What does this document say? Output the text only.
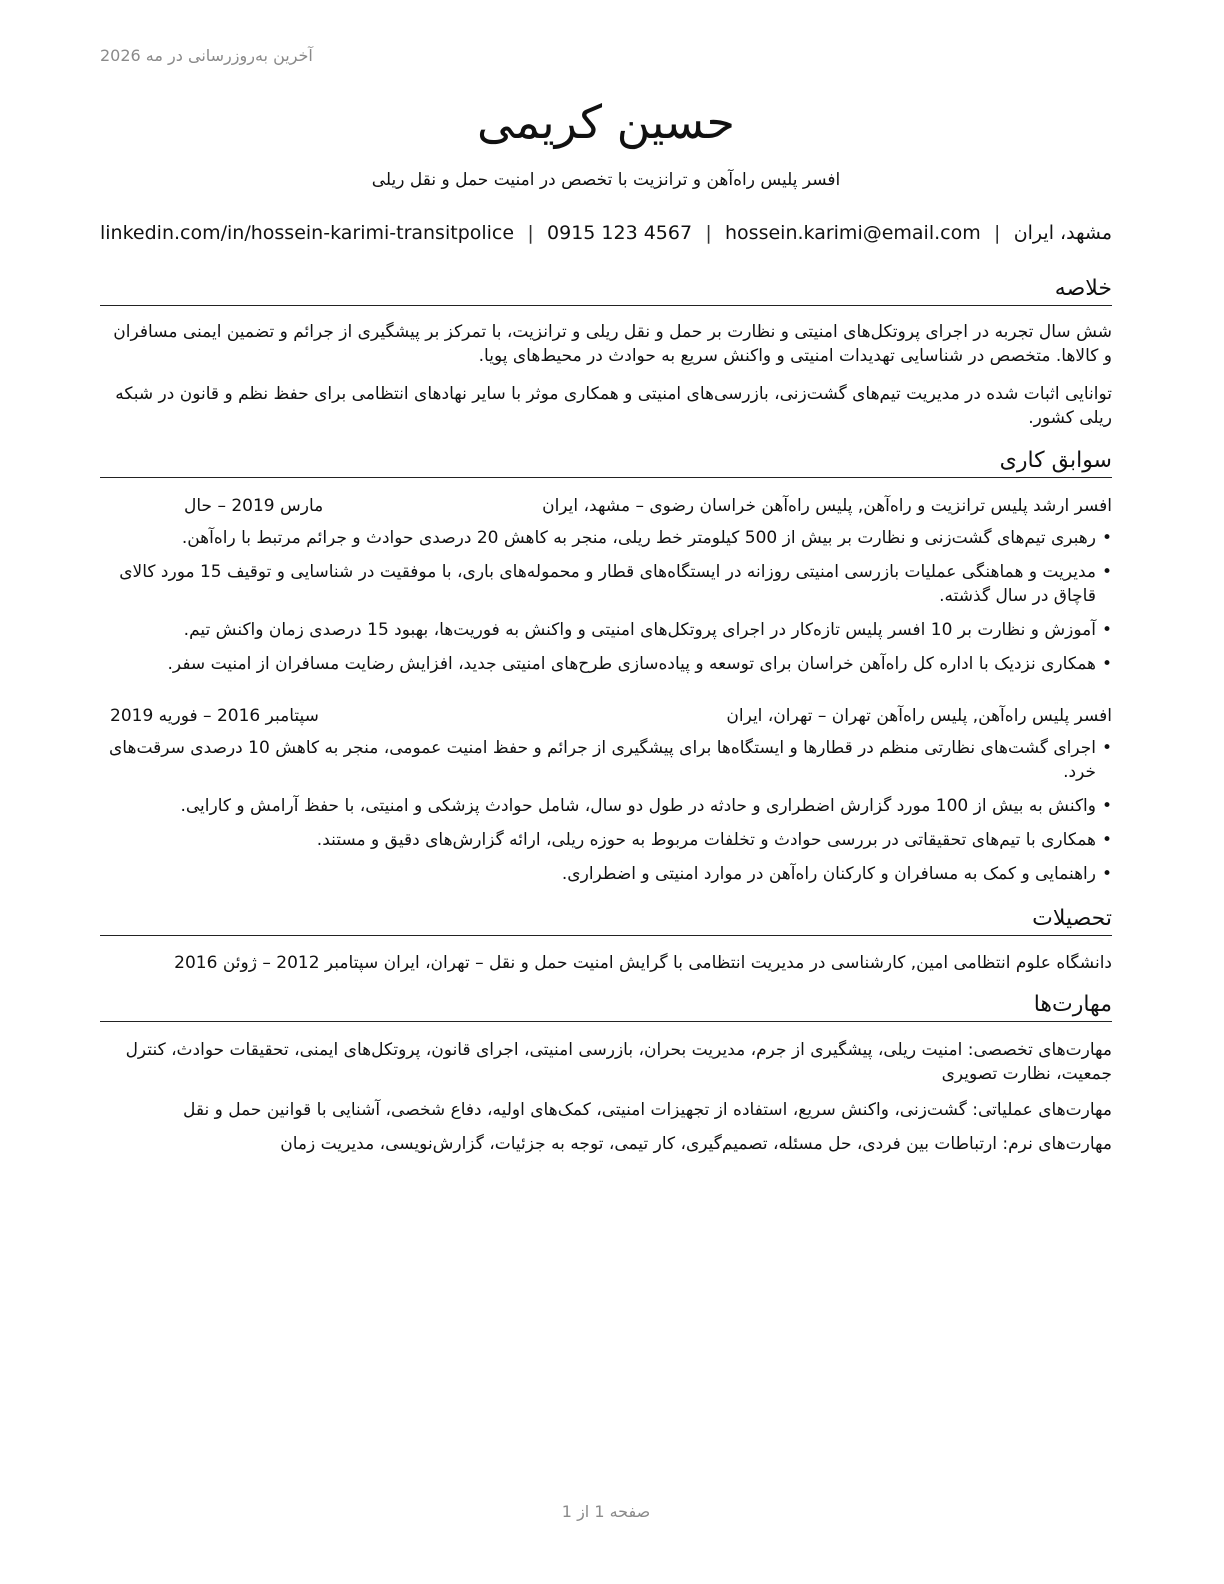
آخرین به‌روزرسانی در مه 2026
حسین کریمی
افسر پلیس راه‌آهن و ترانزیت با تخصص در امنیت حمل و نقل ریلی
مشهد، ایران
|
hossein.karimi@email.com
|
0915 123 4567
|
linkedin.com/in/hossein-karimi-transitpolice
خلاصه
شش سال تجربه در اجرای پروتکل‌های امنیتی و نظارت بر حمل و نقل ریلی و ترانزیت، با تمرکز بر پیشگیری از جرائم و تضمین ایمنی مسافران و کالاها. متخصص در شناسایی تهدیدات امنیتی و واکنش سریع به حوادث در محیط‌های پویا.
توانایی اثبات شده در مدیریت تیم‌های گشت‌زنی، بازرسی‌های امنیتی و همکاری موثر با سایر نهادهای انتظامی برای حفظ نظم و قانون در شبکه ریلی کشور.
سوابق کاری
افسر ارشد پلیس ترانزیت و راه‌آهن, پلیس راه‌آهن خراسان رضوی – مشهد، ایران
مارس 2019 – حال
• رهبری تیم‌های گشت‌زنی و نظارت بر بیش از 500 کیلومتر خط ریلی، منجر به کاهش 20 درصدی حوادث و جرائم مرتبط با راه‌آهن.
• مدیریت و هماهنگی عملیات بازرسی امنیتی روزانه در ایستگاه‌های قطار و محموله‌های باری، با موفقیت در شناسایی و توقیف 15 مورد کالای قاچاق در سال گذشته.
• آموزش و نظارت بر 10 افسر پلیس تازه‌کار در اجرای پروتکل‌های امنیتی و واکنش به فوریت‌ها، بهبود 15 درصدی زمان واکنش تیم.
• همکاری نزدیک با اداره کل راه‌آهن خراسان برای توسعه و پیاده‌سازی طرح‌های امنیتی جدید، افزایش رضایت مسافران از امنیت سفر.
افسر پلیس راه‌آهن, پلیس راه‌آهن تهران – تهران، ایران
سپتامبر 2016 – فوریه 2019
• اجرای گشت‌های نظارتی منظم در قطارها و ایستگاه‌ها برای پیشگیری از جرائم و حفظ امنیت عمومی، منجر به کاهش 10 درصدی سرقت‌های خرد.
• واکنش به بیش از 100 مورد گزارش اضطراری و حادثه در طول دو سال، شامل حوادث پزشکی و امنیتی، با حفظ آرامش و کارایی.
• همکاری با تیم‌های تحقیقاتی در بررسی حوادث و تخلفات مربوط به حوزه ریلی، ارائه گزارش‌های دقیق و مستند.
• راهنمایی و کمک به مسافران و کارکنان راه‌آهن در موارد امنیتی و اضطراری.
تحصیلات
دانشگاه علوم انتظامی امین, کارشناسی در مدیریت انتظامی با گرایش امنیت حمل و نقل – تهران، ایران سپتامبر 2012 – ژوئن 2016
مهارت‌ها
مهارت‌های تخصصی: امنیت ریلی، پیشگیری از جرم، مدیریت بحران، بازرسی امنیتی، اجرای قانون، پروتکل‌های ایمنی، تحقیقات حوادث، کنترل جمعیت، نظارت تصویری
مهارت‌های عملیاتی: گشت‌زنی، واکنش سریع، استفاده از تجهیزات امنیتی، کمک‌های اولیه، دفاع شخصی، آشنایی با قوانین حمل و نقل
مهارت‌های نرم: ارتباطات بین فردی، حل مسئله، تصمیم‌گیری، کار تیمی، توجه به جزئیات، گزارش‌نویسی، مدیریت زمان
صفحه 1 از 1
